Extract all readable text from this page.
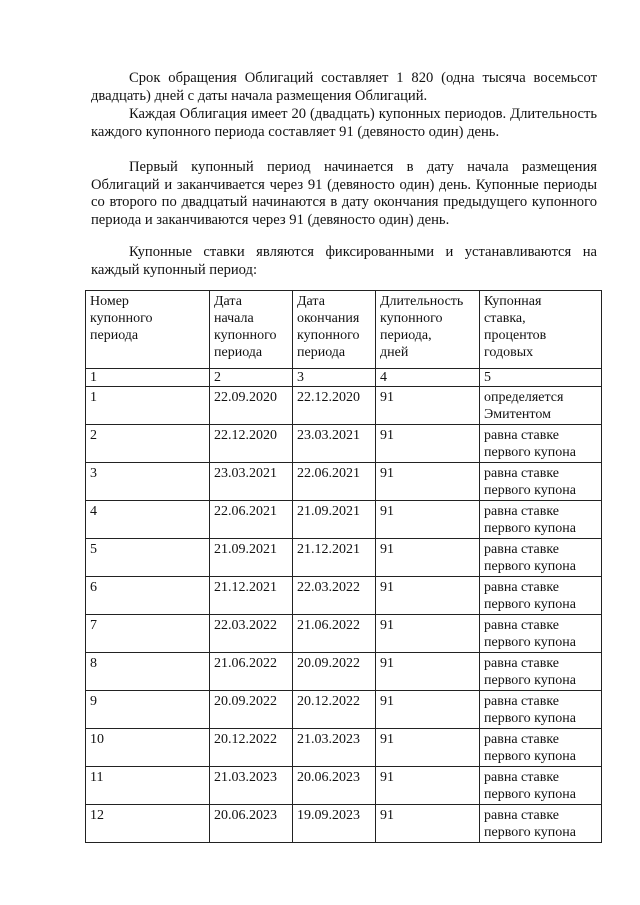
Срок обращения Облигаций составляет 1 820 (одна тысяча восемьсот двадцать) дней с даты начала размещения Облигаций.

Каждая Облигация имеет 20 (двадцать) купонных периодов. Длительность каждого купонного периода составляет 91 (девяносто один) день.

Первый купонный период начинается в дату начала размещения Облигаций и заканчивается через 91 (девяносто один) день. Купонные периоды со второго по двадцатый начинаются в дату окончания предыдущего купонного периода и заканчиваются через 91 (девяносто один) день.

Купонные ставки являются фиксированными и устанавливаются на каждый купонный период:

Номер
купонного
периода	Дата
начала
купонного
периода	Дата
окончания
купонного
периода	Длительность
купонного
периода,
дней	Купонная
ставка,
процентов
годовых
1	2	3	4	5
1	22.09.2020	22.12.2020	91	определяется
Эмитентом
2	22.12.2020	23.03.2021	91	равна ставке
первого купона
3	23.03.2021	22.06.2021	91	равна ставке
первого купона
4	22.06.2021	21.09.2021	91	равна ставке
первого купона
5	21.09.2021	21.12.2021	91	равна ставке
первого купона
6	21.12.2021	22.03.2022	91	равна ставке
первого купона
7	22.03.2022	21.06.2022	91	равна ставке
первого купона
8	21.06.2022	20.09.2022	91	равна ставке
первого купона
9	20.09.2022	20.12.2022	91	равна ставке
первого купона
10	20.12.2022	21.03.2023	91	равна ставке
первого купона
11	21.03.2023	20.06.2023	91	равна ставке
первого купона
12	20.06.2023	19.09.2023	91	равна ставке
первого купона
